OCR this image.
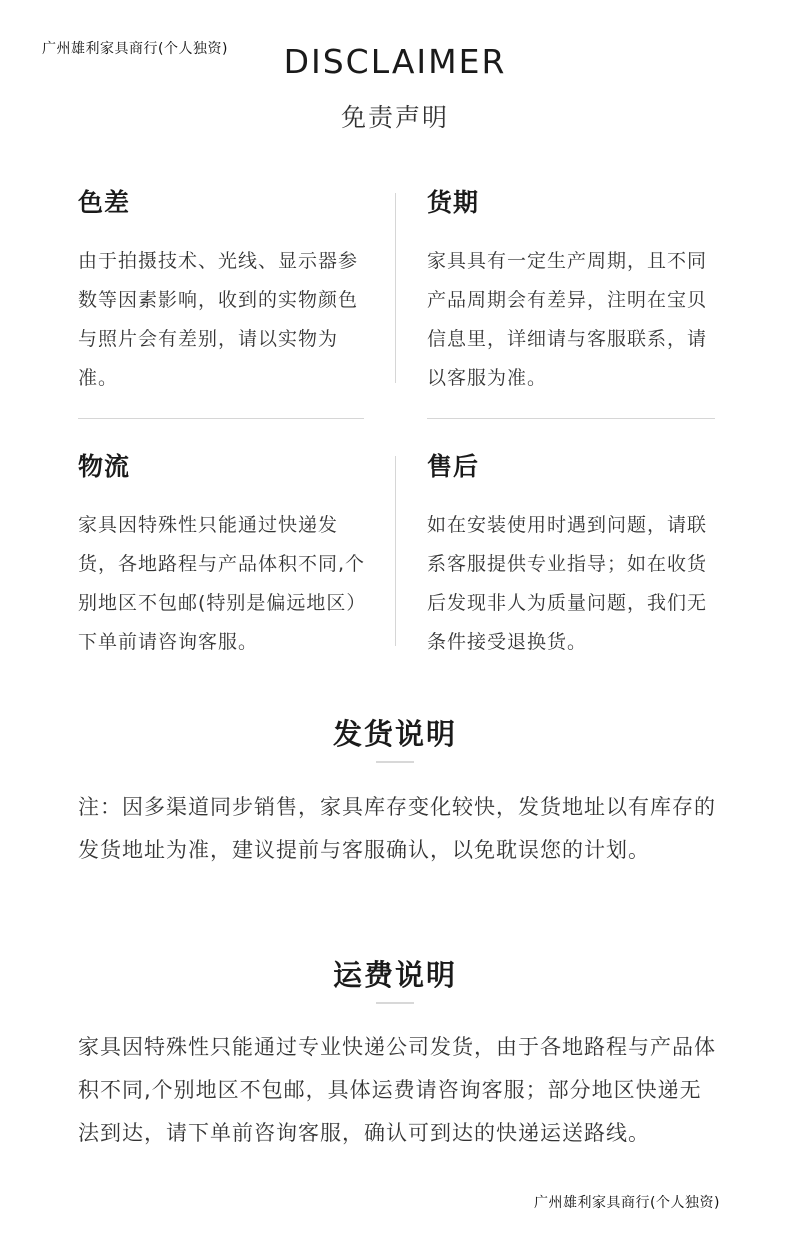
广州雄利家具商行(个人独资)	DISCLAIMER
免责声明
色差

由于拍摄技术、光线、显示器参数等因素影响，收到的实物颜色与照片会有差别，请以实物为准。

货期

家具具有一定生产周期，且不同产品周期会有差异，注明在宝贝信息里，详细请与客服联系，请以客服为准。

物流

家具因特殊性只能通过快递发货，各地路程与产品体积不同,个别地区不包邮(特别是偏远地区）下单前请咨询客服。

售后

如在安装使用时遇到问题，请联系客服提供专业指导；如在收货后发现非人为质量问题，我们无条件接受退换货。

发货说明

注：因多渠道同步销售，家具库存变化较快，发货地址以有库存的发货地址为准，建议提前与客服确认，以免耽误您的计划。

运费说明

家具因特殊性只能通过专业快递公司发货，由于各地路程与产品体积不同,个别地区不包邮，具体运费请咨询客服；部分地区快递无法到达，请下单前咨询客服，确认可到达的快递运送路线。

广州雄利家具商行(个人独资)
